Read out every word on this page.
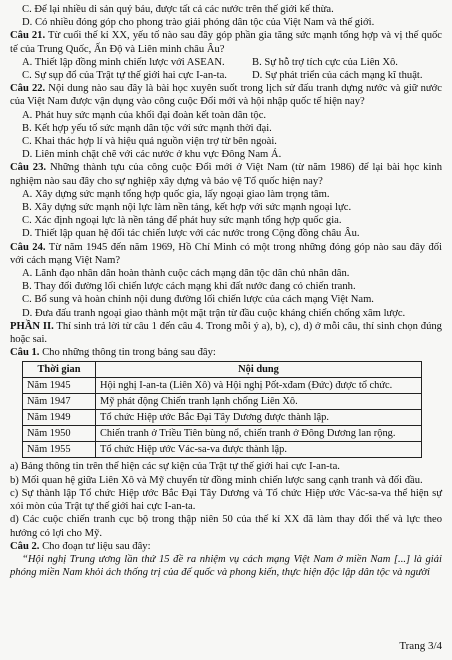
C. Để lại nhiều di sản quý báu, được tất cả các nước trên thế giới kế thừa.
D. Có nhiều đóng góp cho phong trào giải phóng dân tộc của Việt Nam và thế giới.
Câu 21. Từ cuối thế kỉ XX, yếu tố nào sau đây góp phần gia tăng sức mạnh tổng hợp và vị thế quốc tế của Trung Quốc, Ấn Độ và Liên minh châu Âu?
A. Thiết lập đồng minh chiến lược với ASEAN.	B. Sự hỗ trợ tích cực của Liên Xô.
C. Sự sụp đổ của Trật tự thế giới hai cực I-an-ta.	D. Sự phát triển của cách mạng kĩ thuật.
Câu 22. Nội dung nào sau đây là bài học xuyên suốt trong lịch sử đấu tranh dựng nước và giữ nước của Việt Nam được vận dụng vào công cuộc Đổi mới và hội nhập quốc tế hiện nay?
A. Phát huy sức mạnh của khối đại đoàn kết toàn dân tộc.
B. Kết hợp yếu tố sức mạnh dân tộc với sức mạnh thời đại.
C. Khai thác hợp lí và hiệu quả nguồn viện trợ từ bên ngoài.
D. Liên minh chặt chẽ với các nước ở khu vực Đông Nam Á.
Câu 23. Những thành tựu của công cuộc Đổi mới ở Việt Nam (từ năm 1986) để lại bài học kinh nghiệm nào sau đây cho sự nghiệp xây dựng và bảo vệ Tổ quốc hiện nay?
A. Xây dựng sức mạnh tổng hợp quốc gia, lấy ngoại giao làm trọng tâm.
B. Xây dựng sức mạnh nội lực làm nền tảng, kết hợp với sức mạnh ngoại lực.
C. Xác định ngoại lực là nền tảng để phát huy sức mạnh tổng hợp quốc gia.
D. Thiết lập quan hệ đối tác chiến lược với các nước trong Cộng đồng châu Âu.
Câu 24. Từ năm 1945 đến năm 1969, Hồ Chí Minh có một trong những đóng góp nào sau đây đối với cách mạng Việt Nam?
A. Lãnh đạo nhân dân hoàn thành cuộc cách mạng dân tộc dân chủ nhân dân.
B. Thay đổi đường lối chiến lược cách mạng khi đất nước đang có chiến tranh.
C. Bổ sung và hoàn chỉnh nội dung đường lối chiến lược của cách mạng Việt Nam.
D. Đưa đấu tranh ngoại giao thành một mặt trận từ đầu cuộc kháng chiến chống xâm lược.
PHẦN II. Thí sinh trả lời từ câu 1 đến câu 4. Trong mỗi ý a), b), c), d) ở mỗi câu, thí sinh chọn đúng hoặc sai.
Câu 1. Cho những thông tin trong bảng sau đây:
Thời gian	Nội dung
Năm 1945	Hội nghị I-an-ta (Liên Xô) và Hội nghị Pốt-xđam (Đức) được tổ chức.
Năm 1947	Mỹ phát động Chiến tranh lạnh chống Liên Xô.
Năm 1949	Tổ chức Hiệp ước Bắc Đại Tây Dương được thành lập.
Năm 1950	Chiến tranh ở Triều Tiên bùng nổ, chiến tranh ở Đông Dương lan rộng.
Năm 1955	Tổ chức Hiệp ước Vác-sa-va được thành lập.
a) Bảng thông tin trên thể hiện các sự kiện của Trật tự thế giới hai cực I-an-ta.
b) Mối quan hệ giữa Liên Xô và Mỹ chuyển từ đồng minh chiến lược sang cạnh tranh và đối đầu.
c) Sự thành lập Tổ chức Hiệp ước Bắc Đại Tây Dương và Tổ chức Hiệp ước Vác-sa-va thể hiện sự xói mòn của Trật tự thế giới hai cực I-an-ta.
d) Các cuộc chiến tranh cục bộ trong thập niên 50 của thế kỉ XX đã làm thay đổi thế và lực theo hướng có lợi cho Mỹ.
Câu 2. Cho đoạn tư liệu sau đây:
“Hội nghị Trung ương lần thứ 15 đề ra nhiệm vụ cách mạng Việt Nam ở miền Nam [...] là giải phóng miền Nam khỏi ách thống trị của đế quốc và phong kiến, thực hiện độc lập dân tộc và người
Trang 3/4
